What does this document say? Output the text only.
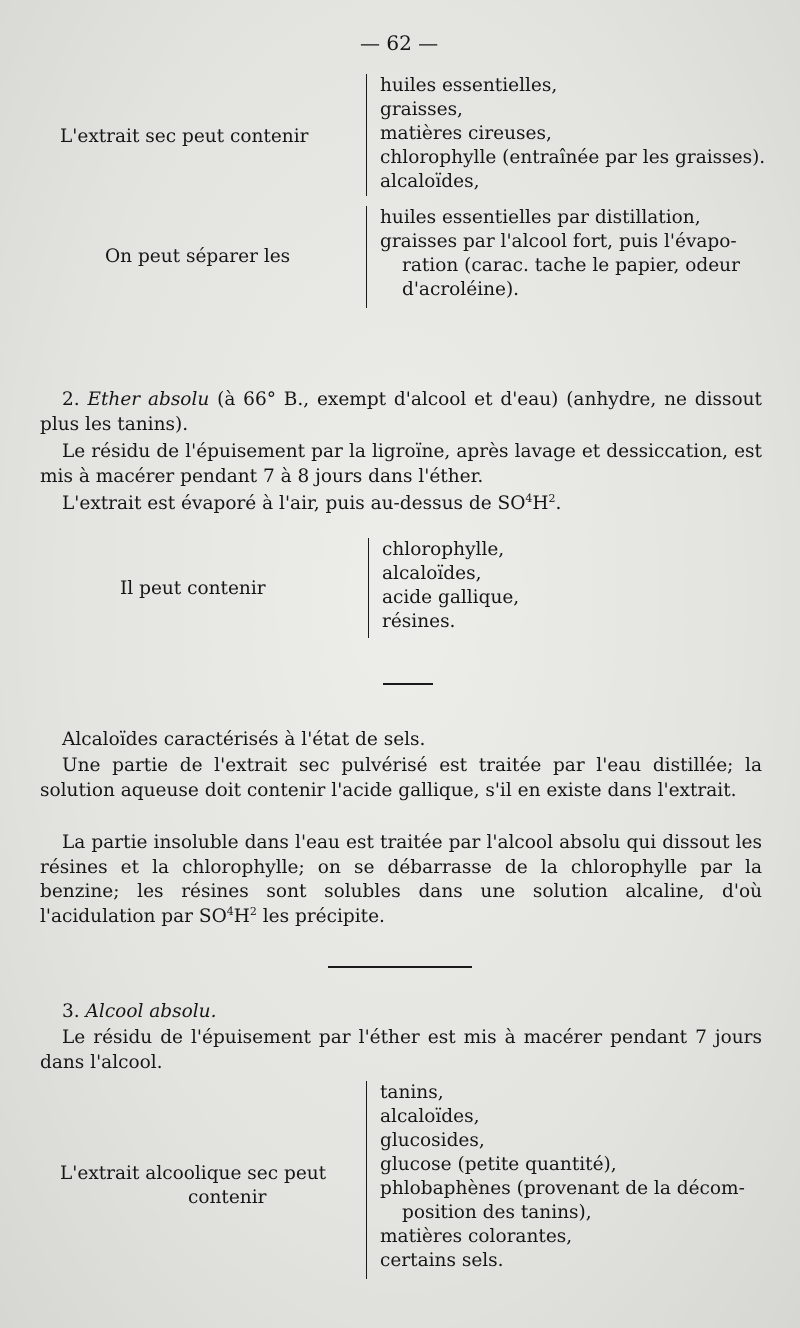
— 62 —
L'extrait sec peut contenir
huiles essentielles,
graisses,
matières cireuses,
chlorophylle (entraînée par les graisses).
alcaloïdes,
On peut séparer les
huiles essentielles par distillation,
graisses par l'alcool fort, puis l'évapo-
ration (carac. tache le papier, odeur
d'acroléine).
2. Ether absolu (à 66° B., exempt d'alcool et d'eau) (anhydre, ne dissout plus les tanins).
Le résidu de l'épuisement par la ligroïne, après lavage et dessiccation, est mis à macérer pendant 7 à 8 jours dans l'éther.
L'extrait est évaporé à l'air, puis au-dessus de $SO^4H^2$.
Il peut contenir
chlorophylle,
alcaloïdes,
acide gallique,
résines.
Alcaloïdes caractérisés à l'état de sels.
Une partie de l'extrait sec pulvérisé est traitée par l'eau distillée; la solution aqueuse doit contenir l'acide gallique, s'il en existe dans l'extrait.
La partie insoluble dans l'eau est traitée par l'alcool absolu qui dissout les résines et la chlorophylle; on se débarrasse de la chlorophylle par la benzine; les résines sont solubles dans une solution alcaline, d'où l'acidulation par $SO^4H^2$ les précipite.
3. Alcool absolu.
Le résidu de l'épuisement par l'éther est mis à macérer pendant 7 jours dans l'alcool.
L'extrait alcoolique sec peut
contenir
tanins,
alcaloïdes,
glucosides,
glucose (petite quantité),
phlobaphènes (provenant de la décom-
position des tanins),
matières colorantes,
certains sels.
